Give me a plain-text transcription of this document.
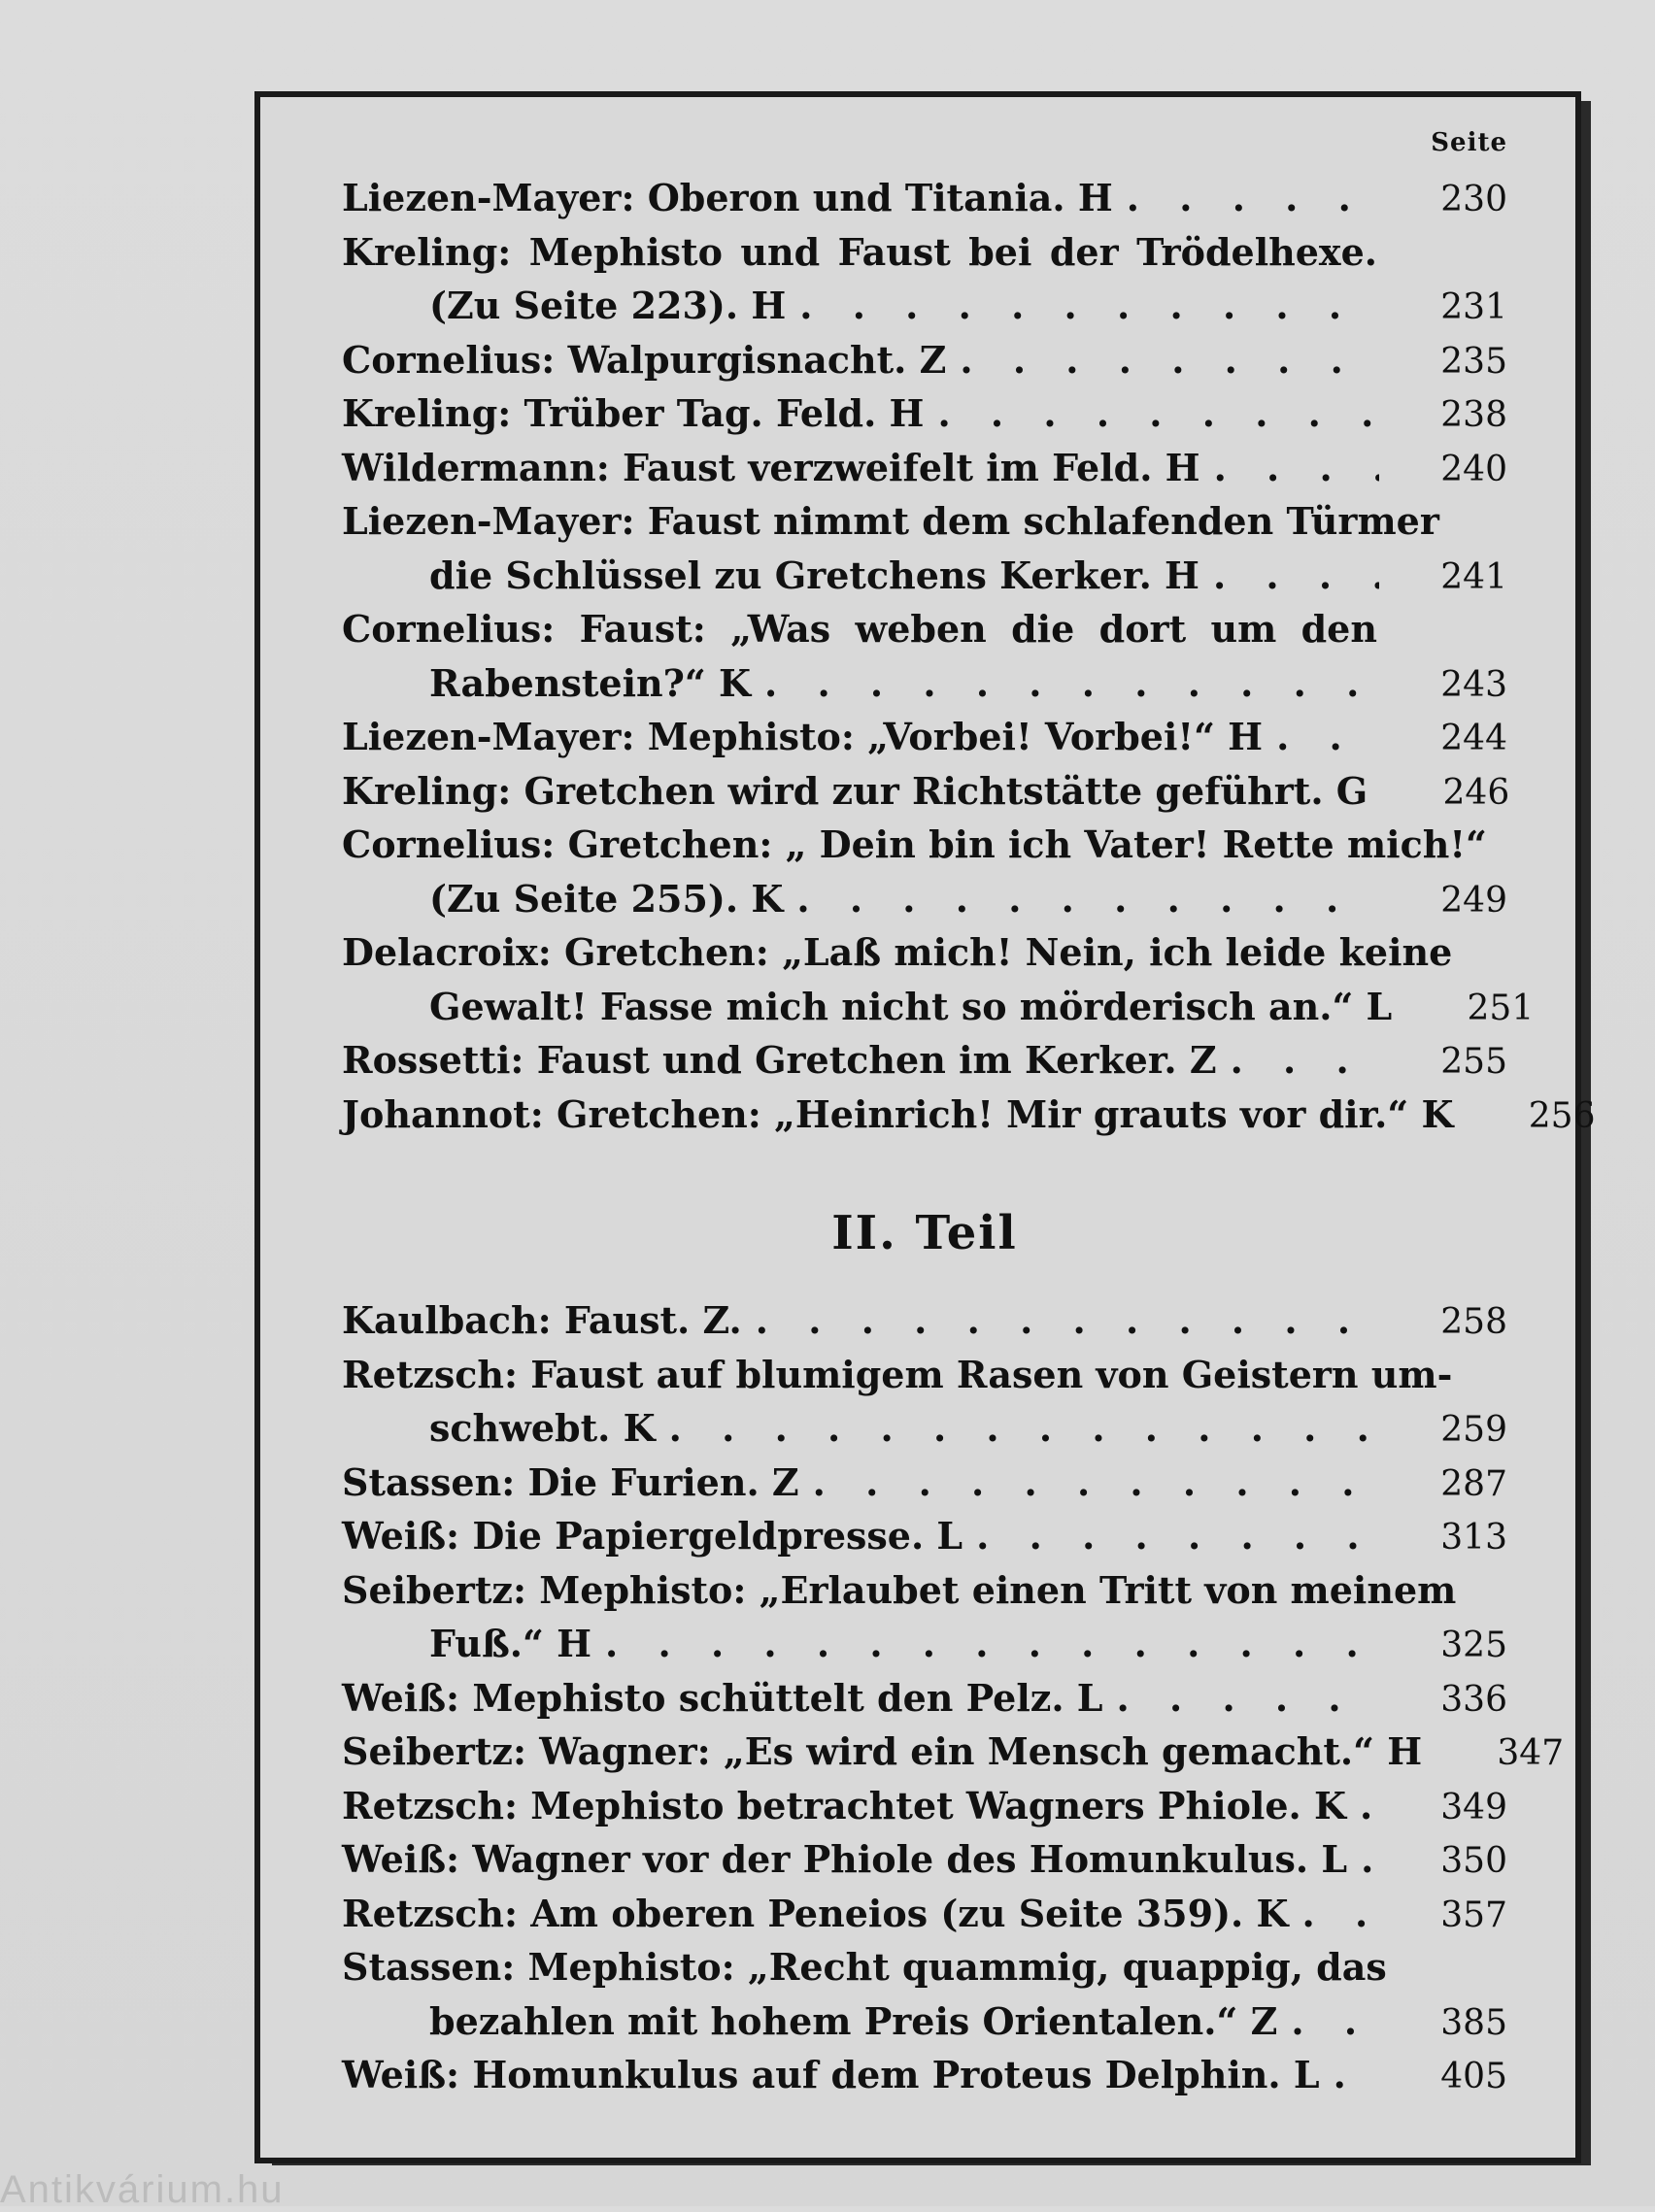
Seite
Liezen-Mayer: Oberon und Titania. H . . .	230
Kreling: Mephisto und Faust bei der Trödelhexe.
(Zu Seite 223). H . . .	231
Cornelius: Walpurgisnacht. Z . . .	235
Kreling: Trüber Tag. Feld. H . . .	238
Wildermann: Faust verzweifelt im Feld. H . . .	240
Liezen-Mayer: Faust nimmt dem schlafenden Türmer
die Schlüssel zu Gretchens Kerker. H . . .	241
Cornelius: Faust: „Was weben die dort um den
Rabenstein?“ K . . .	243
Liezen-Mayer: Mephisto: „Vorbei! Vorbei!“ H . . .	244
Kreling: Gretchen wird zur Richtstätte geführt. G	246
Cornelius: Gretchen: „ Dein bin ich Vater! Rette mich!“
(Zu Seite 255). K . . .	249
Delacroix: Gretchen: „Laß mich! Nein, ich leide keine
Gewalt! Fasse mich nicht so mörderisch an.“ L	251
Rossetti: Faust und Gretchen im Kerker. Z . . .	255
Johannot: Gretchen: „Heinrich! Mir grauts vor dir.“ K	256
II. Teil
Kaulbach: Faust. Z. . . .	258
Retzsch: Faust auf blumigem Rasen von Geistern um-
schwebt. K . . .	259
Stassen: Die Furien. Z . . .	287
Weiß: Die Papiergeldpresse. L . . .	313
Seibertz: Mephisto: „Erlaubet einen Tritt von meinem
Fuß.“ H . . .	325
Weiß: Mephisto schüttelt den Pelz. L . . .	336
Seibertz: Wagner: „Es wird ein Mensch gemacht.“ H	347
Retzsch: Mephisto betrachtet Wagners Phiole. K . . .	349
Weiß: Wagner vor der Phiole des Homunkulus. L . . .	350
Retzsch: Am oberen Peneios (zu Seite 359). K . . .	357
Stassen: Mephisto: „Recht quammig, quappig, das
bezahlen mit hohem Preis Orientalen.“ Z . . .	385
Weiß: Homunkulus auf dem Proteus Delphin. L . . .	405
Antikvárium.hu
